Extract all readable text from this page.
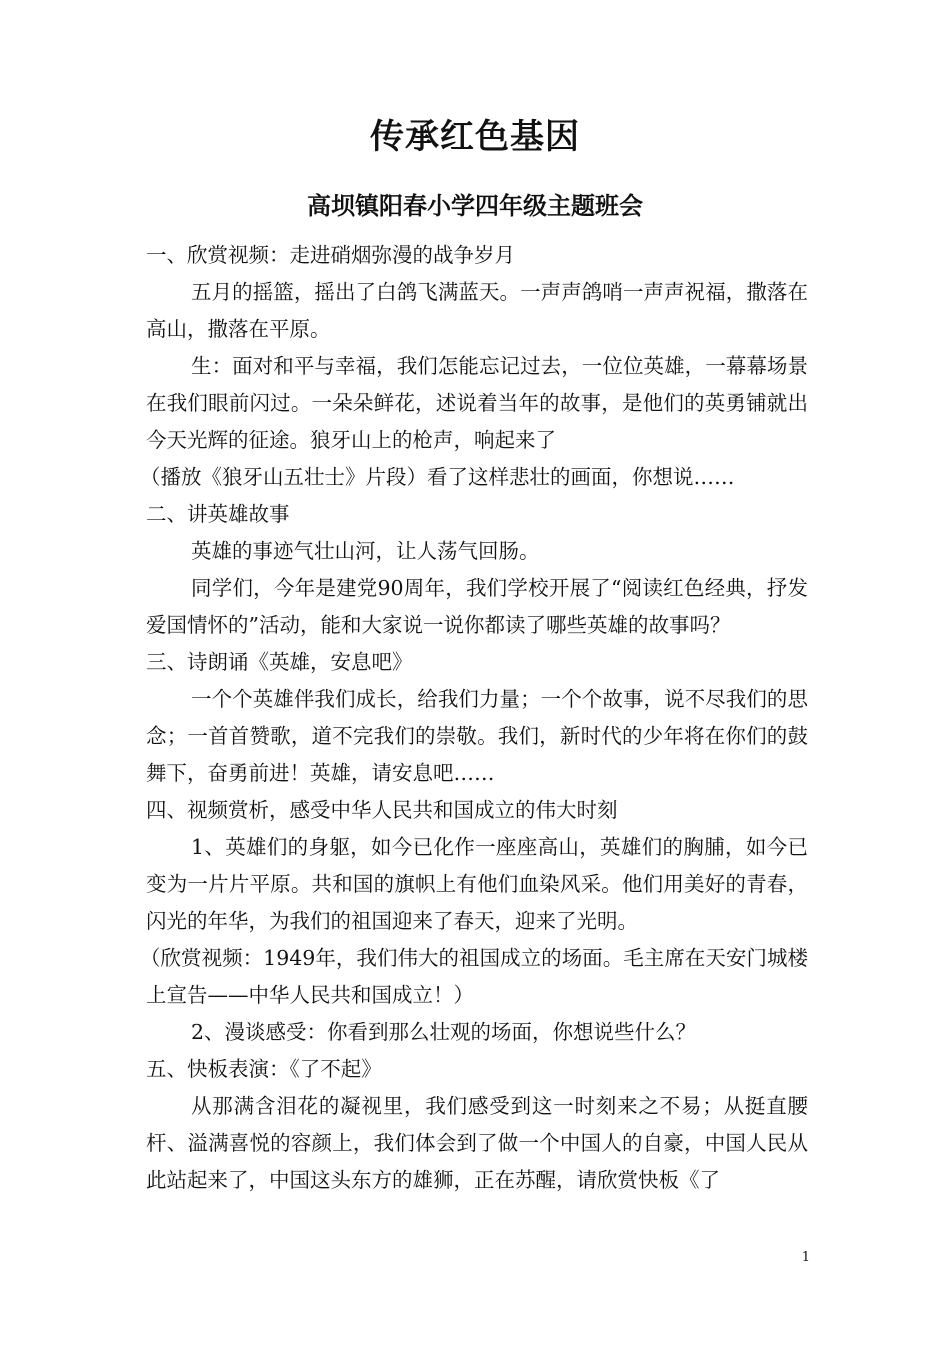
传承红色基因
高坝镇阳春小学四年级主题班会

一、欣赏视频：走进硝烟弥漫的战争岁月

五月的摇篮，摇出了白鸽飞满蓝天。一声声鸽哨一声声祝福，撒落在高山，撒落在平原。

生：面对和平与幸福，我们怎能忘记过去，一位位英雄，一幕幕场景在我们眼前闪过。一朵朵鲜花，述说着当年的故事，是他们的英勇铺就出今天光辉的征途。狼牙山上的枪声，响起来了

（播放《狼牙山五壮士》片段）看了这样悲壮的画面，你想说……

二、讲英雄故事

英雄的事迹气壮山河，让人荡气回肠。

同学们，今年是建党90周年，我们学校开展了“阅读红色经典，抒发爱国情怀的”活动，能和大家说一说你都读了哪些英雄的故事吗？

三、诗朗诵《英雄，安息吧》

一个个英雄伴我们成长，给我们力量；一个个故事，说不尽我们的思念；一首首赞歌，道不完我们的崇敬。我们，新时代的少年将在你们的鼓舞下，奋勇前进！英雄，请安息吧……

四、视频赏析，感受中华人民共和国成立的伟大时刻

1、英雄们的身躯，如今已化作一座座高山，英雄们的胸脯，如今已变为一片片平原。共和国的旗帜上有他们血染风采。他们用美好的青春，闪光的年华，为我们的祖国迎来了春天，迎来了光明。

（欣赏视频：1949年，我们伟大的祖国成立的场面。毛主席在天安门城楼上宣告——中华人民共和国成立！）

2、漫谈感受：你看到那么壮观的场面，你想说些什么？

五、快板表演：《了不起》

从那满含泪花的凝视里，我们感受到这一时刻来之不易；从挺直腰杆、溢满喜悦的容颜上，我们体会到了做一个中国人的自豪，中国人民从此站起来了，中国这头东方的雄狮，正在苏醒，请欣赏快板《了

1
